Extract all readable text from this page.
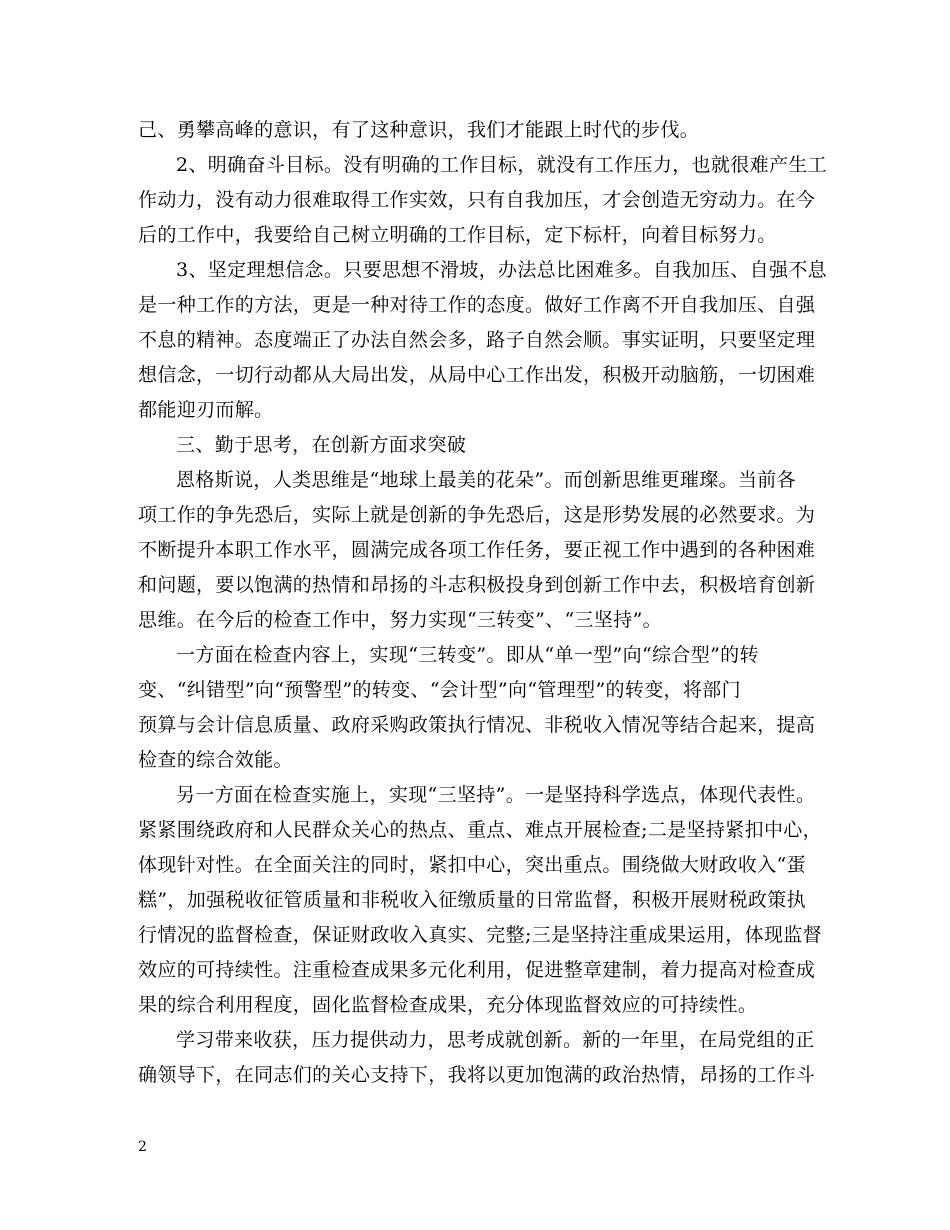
己、勇攀高峰的意识，有了这种意识，我们才能跟上时代的步伐。
2、明确奋斗目标。没有明确的工作目标，就没有工作压力，也就很难产生工
作动力，没有动力很难取得工作实效，只有自我加压，才会创造无穷动力。在今
后的工作中，我要给自己树立明确的工作目标，定下标杆，向着目标努力。
3、坚定理想信念。只要思想不滑坡，办法总比困难多。自我加压、自强不息
是一种工作的方法，更是一种对待工作的态度。做好工作离不开自我加压、自强
不息的精神。态度端正了办法自然会多，路子自然会顺。事实证明，只要坚定理
想信念，一切行动都从大局出发，从局中心工作出发，积极开动脑筋，一切困难
都能迎刃而解。
三、勤于思考，在创新方面求突破
恩格斯说，人类思维是“地球上最美的花朵”。而创新思维更璀璨。当前各
项工作的争先恐后，实际上就是创新的争先恐后，这是形势发展的必然要求。为
不断提升本职工作水平，圆满完成各项工作任务，要正视工作中遇到的各种困难
和问题，要以饱满的热情和昂扬的斗志积极投身到创新工作中去，积极培育创新
思维。在今后的检查工作中，努力实现“三转变”、“三坚持”。
一方面在检查内容上，实现“三转变”。即从“单一型”向“综合型”的转
变、“纠错型”向“预警型”的转变、“会计型”向“管理型”的转变，将部门
预算与会计信息质量、政府采购政策执行情况、非税收入情况等结合起来，提高
检查的综合效能。
另一方面在检查实施上，实现“三坚持”。一是坚持科学选点，体现代表性。
紧紧围绕政府和人民群众关心的热点、重点、难点开展检查;二是坚持紧扣中心，
体现针对性。在全面关注的同时，紧扣中心，突出重点。围绕做大财政收入“蛋
糕”，加强税收征管质量和非税收入征缴质量的日常监督，积极开展财税政策执
行情况的监督检查，保证财政收入真实、完整;三是坚持注重成果运用，体现监督
效应的可持续性。注重检查成果多元化利用，促进整章建制，着力提高对检查成
果的综合利用程度，固化监督检查成果，充分体现监督效应的可持续性。
学习带来收获，压力提供动力，思考成就创新。新的一年里，在局党组的正
确领导下，在同志们的关心支持下，我将以更加饱满的政治热情，昂扬的工作斗
2
